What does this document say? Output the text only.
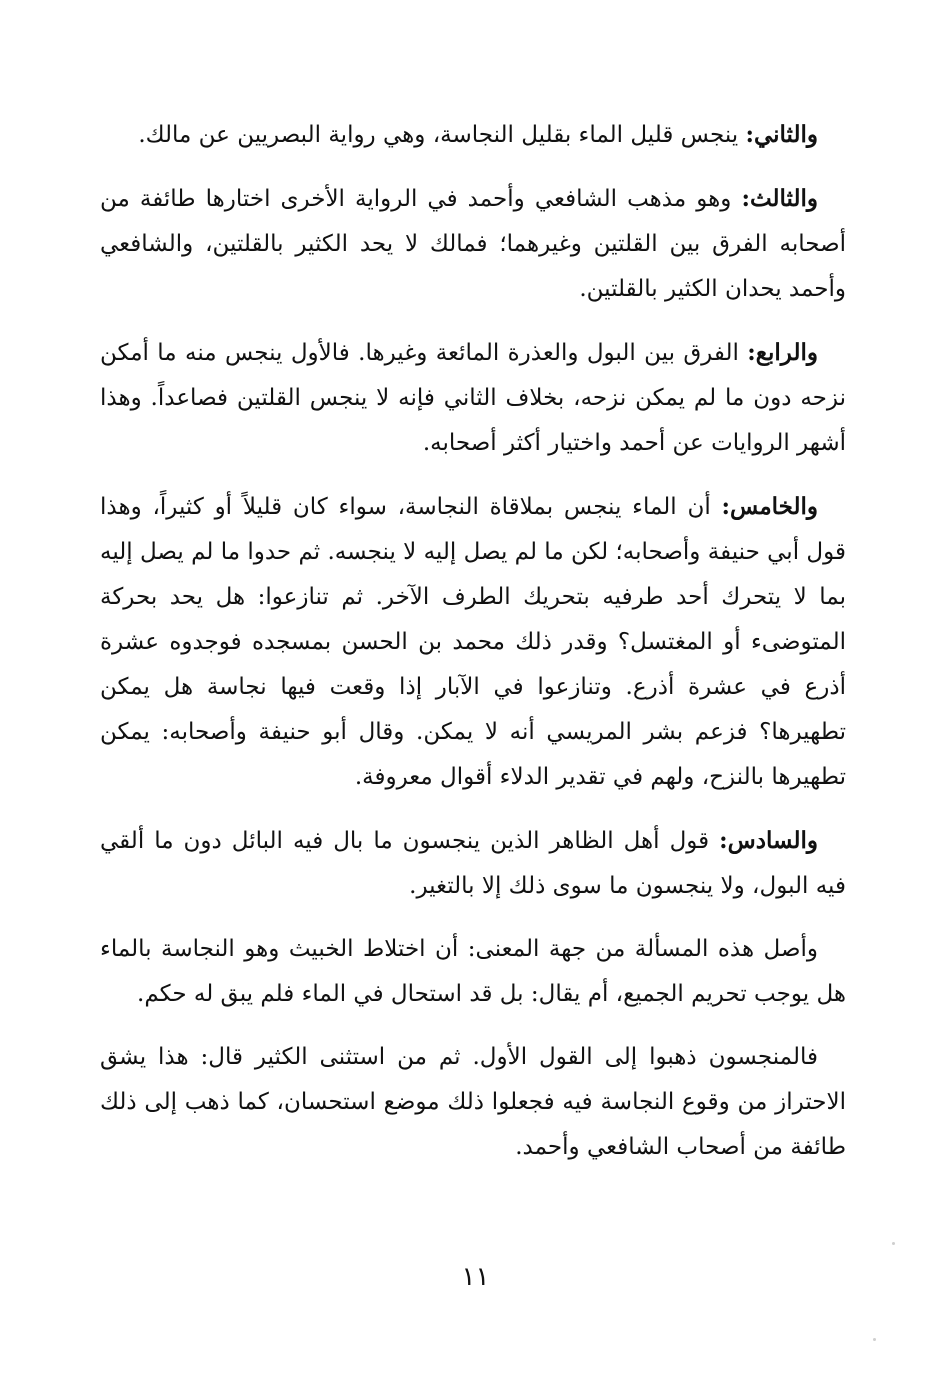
والثاني: ينجس قليل الماء بقليل النجاسة، وهي رواية البصريين عن مالك.

والثالث: وهو مذهب الشافعي وأحمد في الرواية الأخرى اختارها طائفة من أصحابه الفرق بين القلتين وغيرهما؛ فمالك لا يحد الكثير بالقلتين، والشافعي وأحمد يحدان الكثير بالقلتين.

والرابع: الفرق بين البول والعذرة المائعة وغيرها. فالأول ينجس منه ما أمكن نزحه دون ما لم يمكن نزحه، بخلاف الثاني فإنه لا ينجس القلتين فصاعداً. وهذا أشهر الروايات عن أحمد واختيار أكثر أصحابه.

والخامس: أن الماء ينجس بملاقاة النجاسة، سواء كان قليلاً أو كثيراً، وهذا قول أبي حنيفة وأصحابه؛ لكن ما لم يصل إليه لا ينجسه. ثم حدوا ما لم يصل إليه بما لا يتحرك أحد طرفيه بتحريك الطرف الآخر. ثم تنازعوا: هل يحد بحركة المتوضىء أو المغتسل؟ وقدر ذلك محمد بن الحسن بمسجده فوجدوه عشرة أذرع في عشرة أذرع. وتنازعوا في الآبار إذا وقعت فيها نجاسة هل يمكن تطهيرها؟ فزعم بشر المريسي أنه لا يمكن. وقال أبو حنيفة وأصحابه: يمكن تطهيرها بالنزح، ولهم في تقدير الدلاء أقوال معروفة.

والسادس: قول أهل الظاهر الذين ينجسون ما بال فيه البائل دون ما ألقي فيه البول، ولا ينجسون ما سوى ذلك إلا بالتغير.

وأصل هذه المسألة من جهة المعنى: أن اختلاط الخبيث وهو النجاسة بالماء هل يوجب تحريم الجميع، أم يقال: بل قد استحال في الماء فلم يبق له حكم.

فالمنجسون ذهبوا إلى القول الأول. ثم من استثنى الكثير قال: هذا يشق الاحتراز من وقوع النجاسة فيه فجعلوا ذلك موضع استحسان، كما ذهب إلى ذلك طائفة من أصحاب الشافعي وأحمد.

١١
